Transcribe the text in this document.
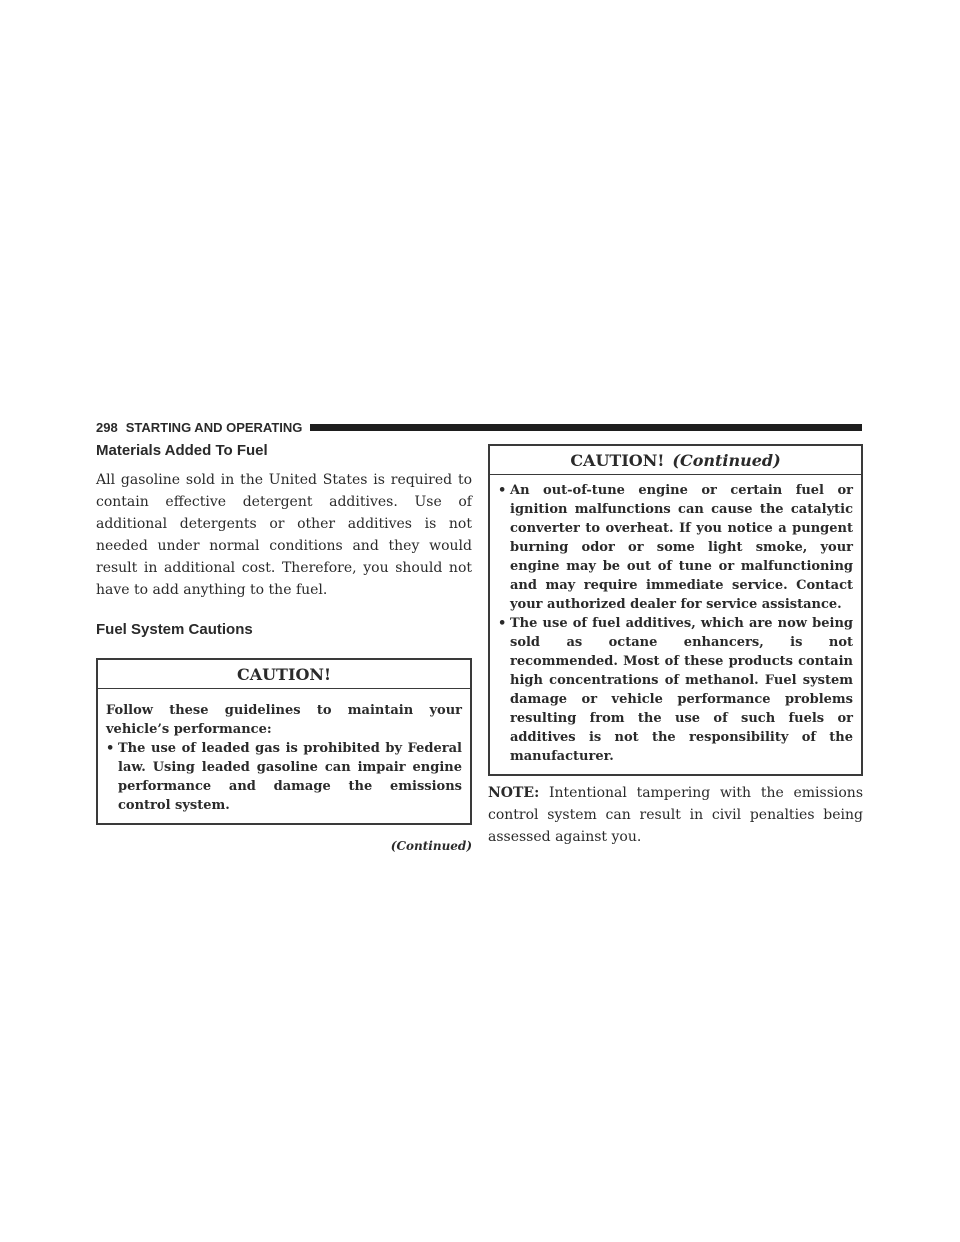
298 STARTING AND OPERATING
Materials Added To Fuel

All gasoline sold in the United States is required to contain effective detergent additives. Use of additional detergents or other additives is not needed under normal conditions and they would result in additional cost. Therefore, you should not have to add anything to the fuel.

Fuel System Cautions
CAUTION!

Follow these guidelines to maintain your vehicle’s performance:

• The use of leaded gas is prohibited by Federal law. Using leaded gasoline can impair engine performance and damage the emissions control system.
(Continued)
CAUTION! (Continued)
• An out-of-tune engine or certain fuel or ignition malfunctions can cause the catalytic converter to overheat. If you notice a pungent burning odor or some light smoke, your engine may be out of tune or malfunctioning and may require immediate service. Contact your authorized dealer for service assistance.
• The use of fuel additives, which are now being sold as octane enhancers, is not recommended. Most of these products contain high concentrations of methanol. Fuel system damage or vehicle performance problems resulting from the use of such fuels or additives is not the responsibility of the manufacturer.

NOTE: Intentional tampering with the emissions control system can result in civil penalties being assessed against you.
